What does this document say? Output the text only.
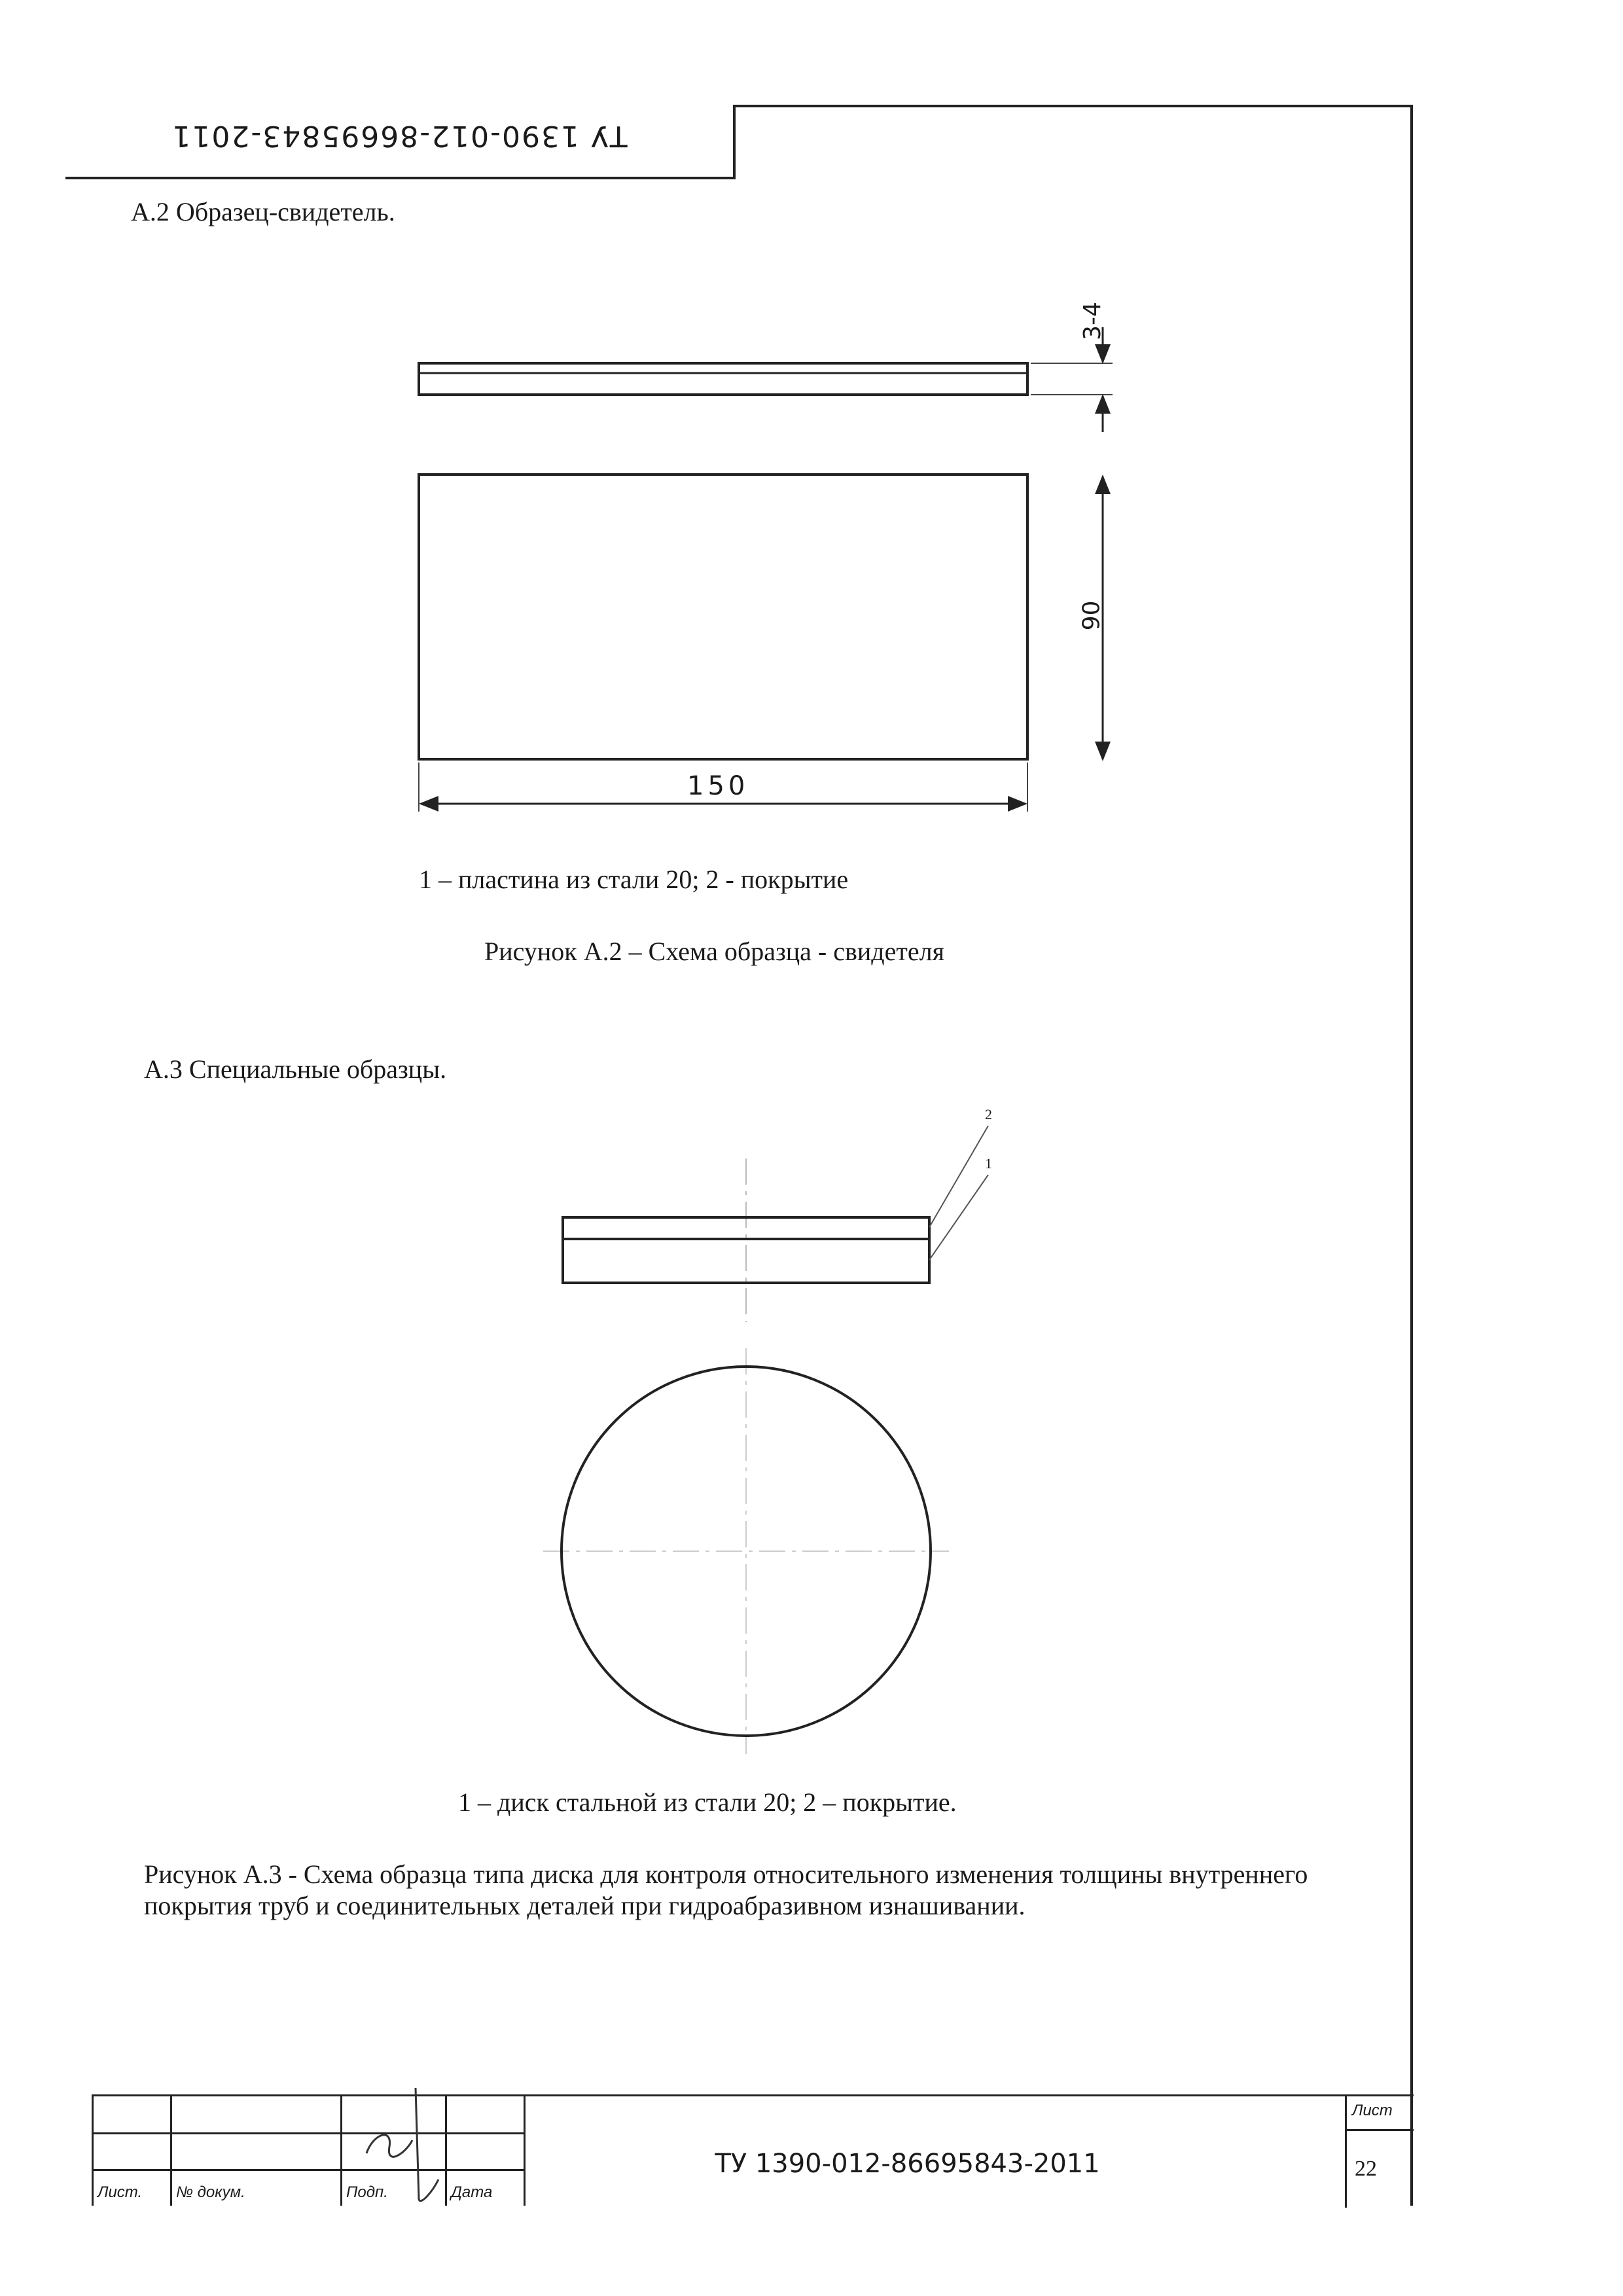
ТУ 1390-012-86695843-2011
А.2 Образец-свидетель.
3-4
90
150
1 – пластина из стали 20; 2 - покрытие
Рисунок А.2 – Схема образца - свидетеля
А.3 Специальные образцы.
2
1
1 – диск стальной из стали 20; 2 – покрытие.
Рисунок А.3 - Схема образца типа диска для контроля относительного изменения толщины внутреннего покрытия труб и соединительных деталей при гидроабразивном изнашивании.
Лист. № докум.	Подп.	Дата
ТУ 1390-012-86695843-2011
Лист
22
